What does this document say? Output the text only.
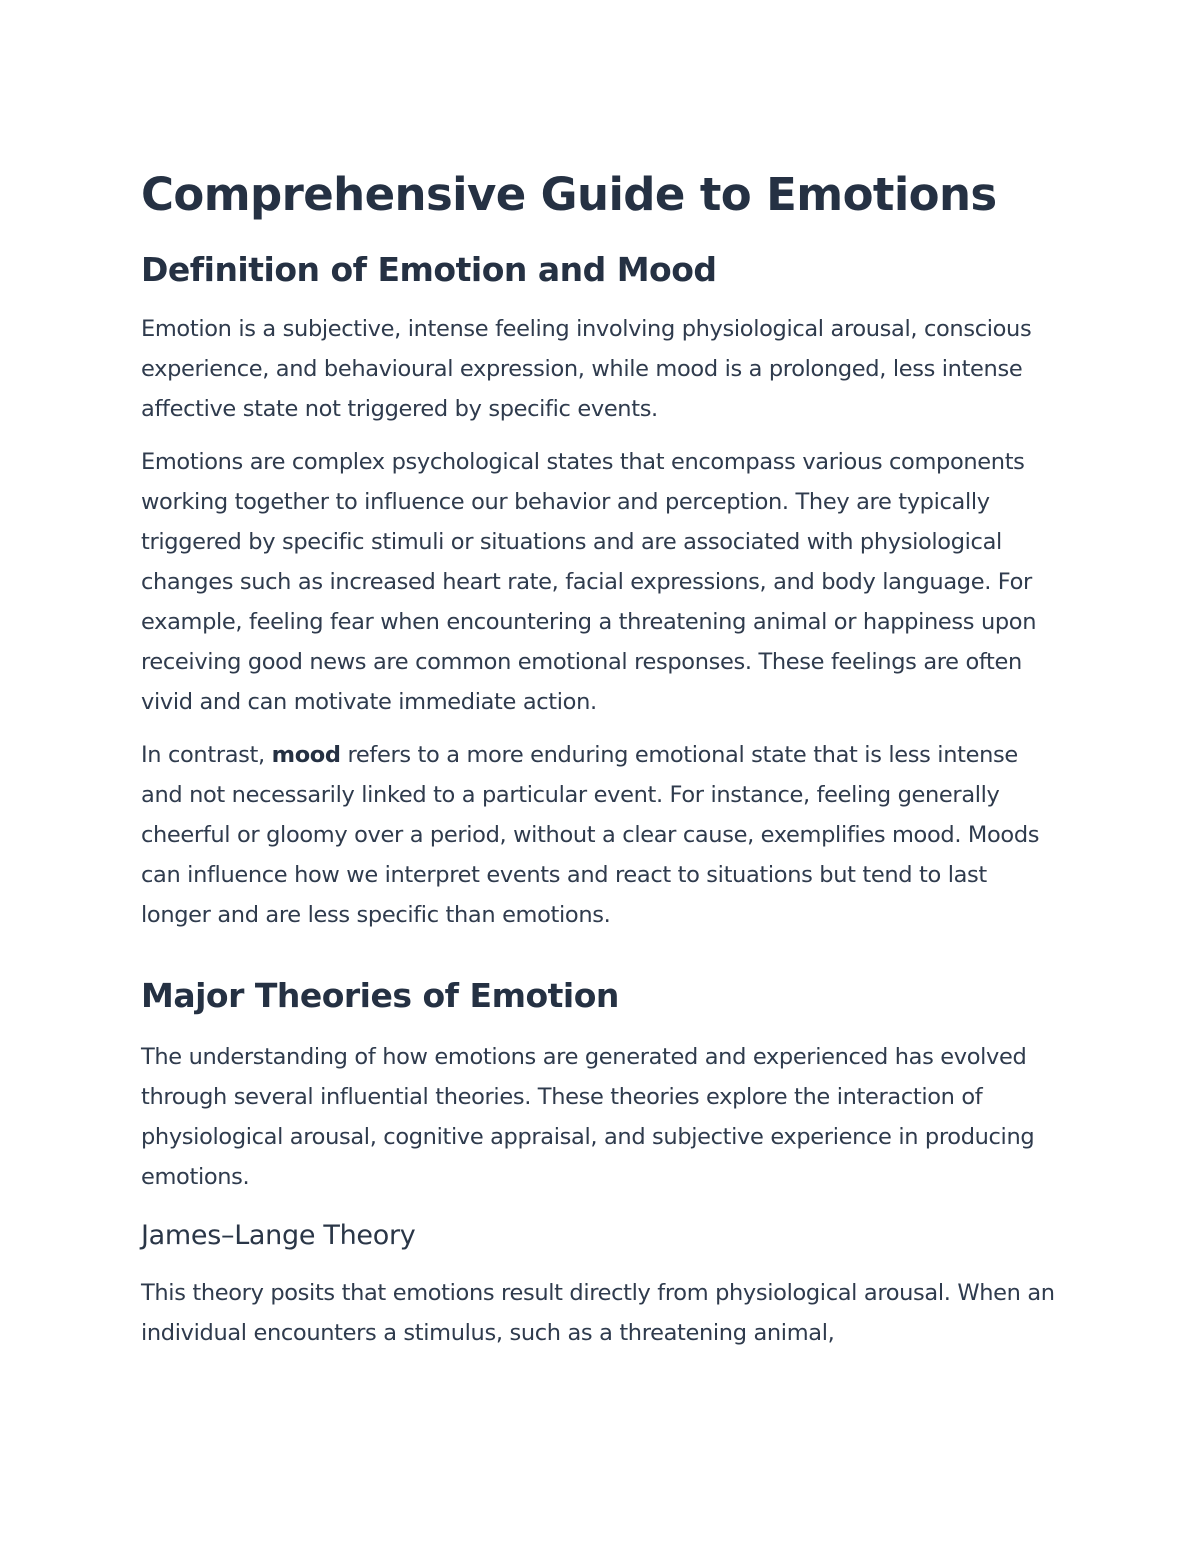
Comprehensive Guide to Emotions
Definition of Emotion and Mood

Emotion is a subjective, intense feeling involving physiological arousal, conscious experience, and behavioural expression, while mood is a prolonged, less intense affective state not triggered by specific events.

Emotions are complex psychological states that encompass various components working together to influence our behavior and perception. They are typically triggered by specific stimuli or situations and are associated with physiological changes such as increased heart rate, facial expressions, and body language. For example, feeling fear when encountering a threatening animal or happiness upon receiving good news are common emotional responses. These feelings are often vivid and can motivate immediate action.

In contrast, mood refers to a more enduring emotional state that is less intense and not necessarily linked to a particular event. For instance, feeling generally cheerful or gloomy over a period, without a clear cause, exemplifies mood. Moods can influence how we interpret events and react to situations but tend to last longer and are less specific than emotions.

Major Theories of Emotion

The understanding of how emotions are generated and experienced has evolved through several influential theories. These theories explore the interaction of physiological arousal, cognitive appraisal, and subjective experience in producing emotions.

James–Lange Theory

This theory posits that emotions result directly from physiological arousal. When an individual encounters a stimulus, such as a threatening animal,
